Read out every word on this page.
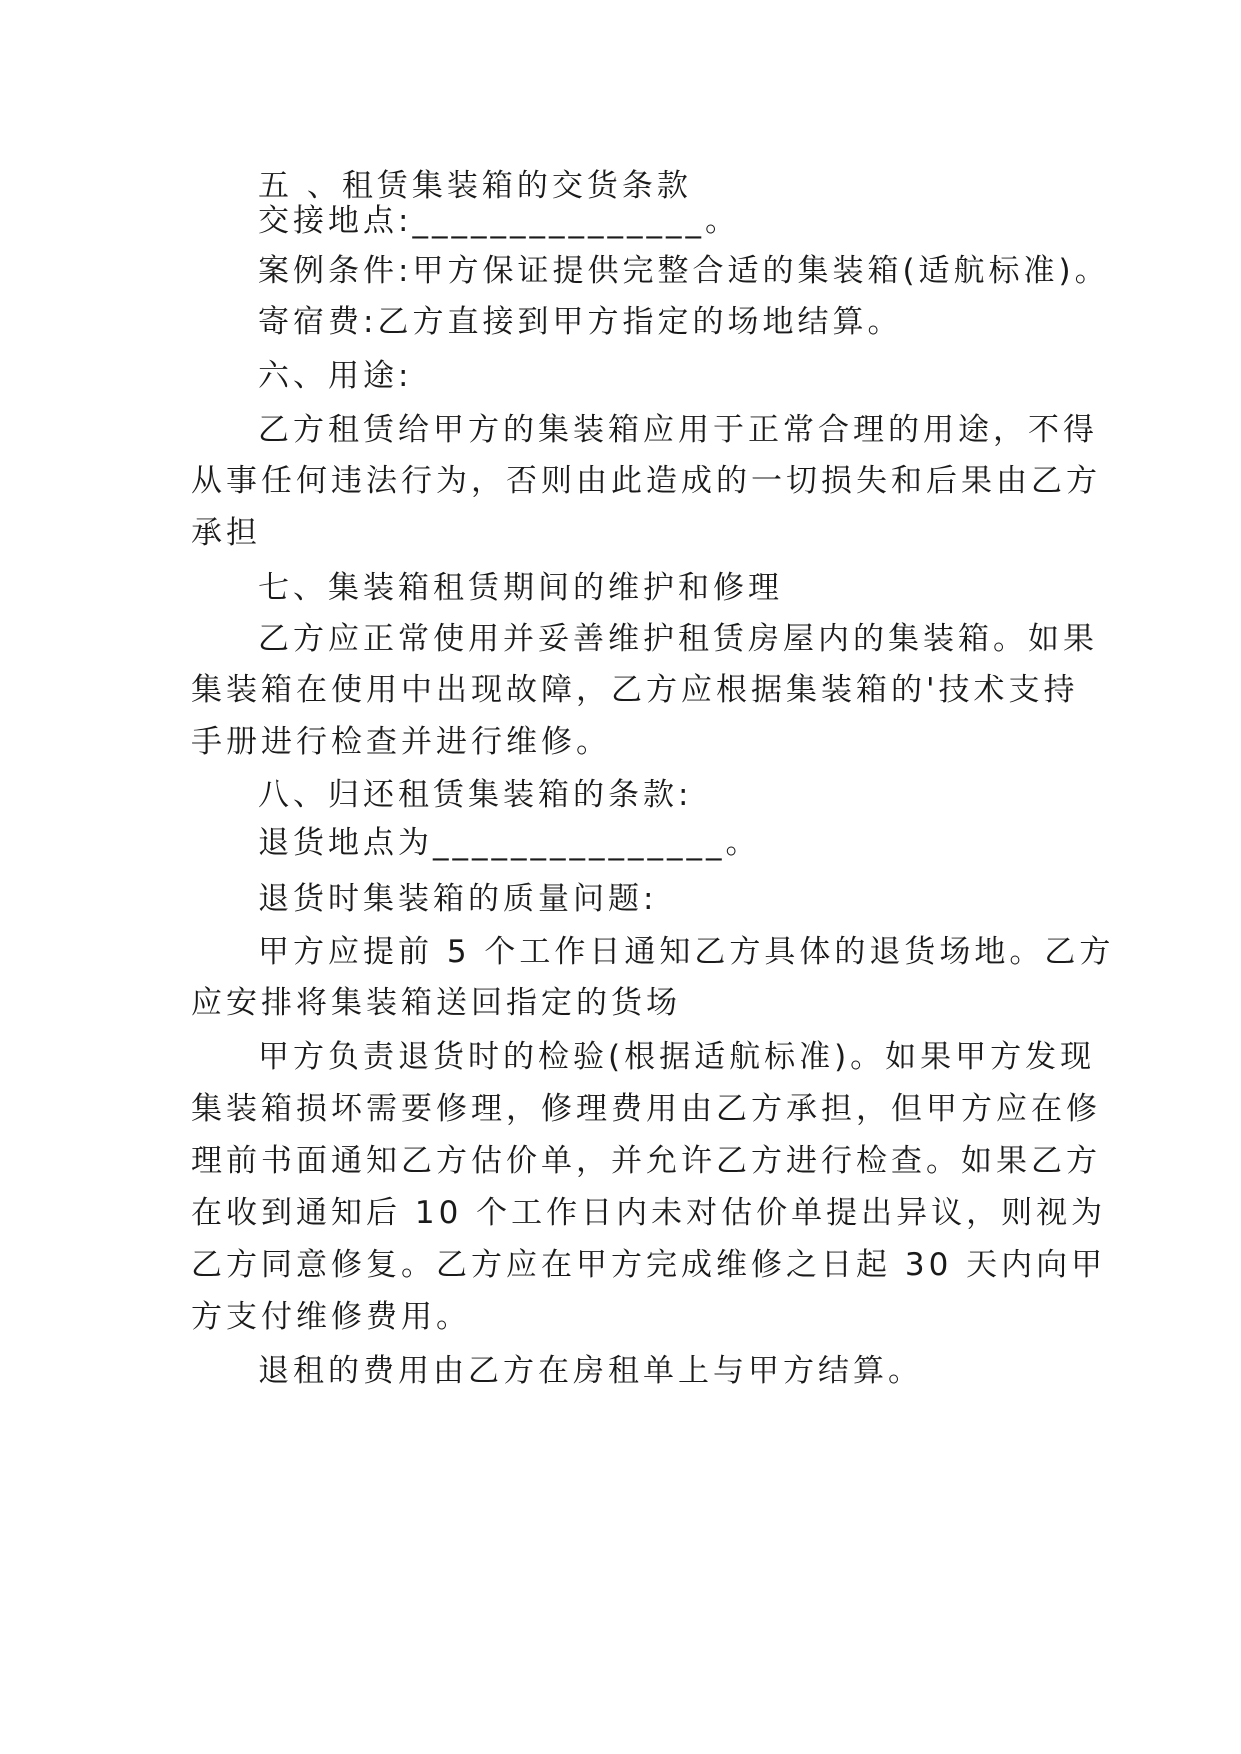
五 、租赁集装箱的交货条款
交接地点:_______________。
案例条件:甲方保证提供完整合适的集装箱(适航标准)。
寄宿费:乙方直接到甲方指定的场地结算。
六、用途:
乙方租赁给甲方的集装箱应用于正常合理的用途，不得
从事任何违法行为，否则由此造成的一切损失和后果由乙方
承担
七、集装箱租赁期间的维护和修理
乙方应正常使用并妥善维护租赁房屋内的集装箱。如果
集装箱在使用中出现故障，乙方应根据集装箱的'技术支持
手册进行检查并进行维修。
八、归还租赁集装箱的条款:
退货地点为_______________。
退货时集装箱的质量问题:
甲方应提前 5 个工作日通知乙方具体的退货场地。乙方
应安排将集装箱送回指定的货场
甲方负责退货时的检验(根据适航标准)。如果甲方发现
集装箱损坏需要修理，修理费用由乙方承担，但甲方应在修
理前书面通知乙方估价单，并允许乙方进行检查。如果乙方
在收到通知后 10 个工作日内未对估价单提出异议，则视为
乙方同意修复。乙方应在甲方完成维修之日起 30 天内向甲
方支付维修费用。
退租的费用由乙方在房租单上与甲方结算。
